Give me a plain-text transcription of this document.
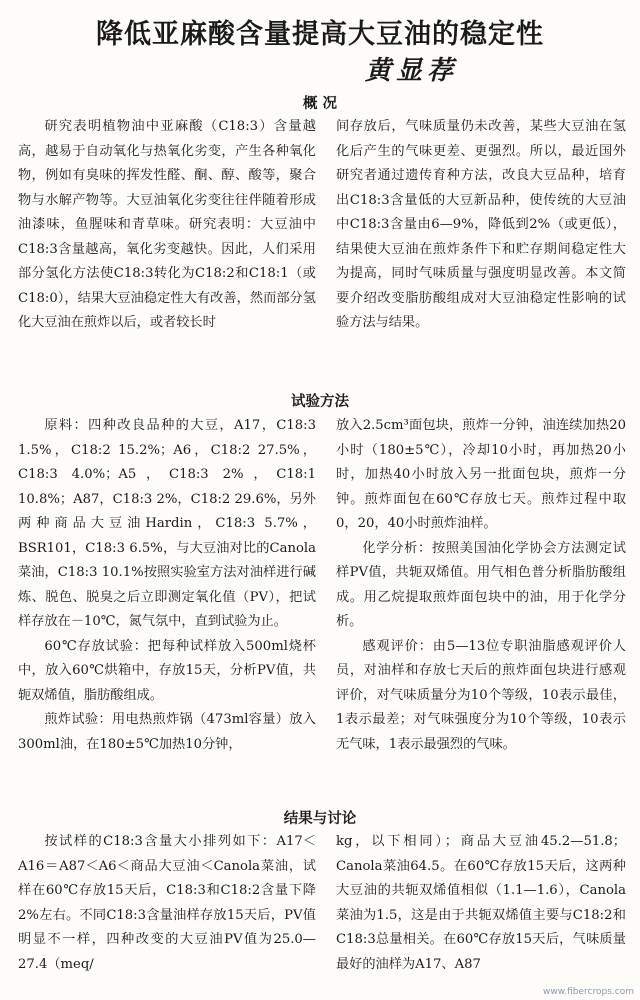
降低亚麻酸含量提高大豆油的稳定性
黄显荐
概 况

研究表明植物油中亚麻酸（C18:3）含量越高，越易于自动氧化与热氧化劣变，产生各种氧化物，例如有臭味的挥发性醛、酮、醇、酸等，聚合物与水解产物等。大豆油氧化劣变往往伴随着形成油漆味，鱼腥味和青草味。研究表明：大豆油中C18:3含量越高，氧化劣变越快。因此，人们采用部分氢化方法使C18:3转化为C18:2和C18:1（或C18:0），结果大豆油稳定性大有改善，然而部分氢化大豆油在煎炸以后，或者较长时

间存放后，气味质量仍未改善，某些大豆油在氢化后产生的气味更差、更强烈。所以，最近国外研究者通过遗传育种方法，改良大豆品种，培育出C18:3含量低的大豆新品种，使传统的大豆油中C18:3含量由6—9%，降低到2%（或更低），结果使大豆油在煎炸条件下和贮存期间稳定性大为提高，同时气味质量与强度明显改善。本文简要介绍改变脂肪酸组成对大豆油稳定性影响的试验方法与结果。

试验方法

原料：四种改良品种的大豆，A17，C18:3 1.5%，C18:2 15.2%；A6，C18:2 27.5%，C18:3 4.0%；A5，C18:3 2%，C18:1 10.8%；A87，C18:3 2%，C18:2 29.6%，另外两种商品大豆油Hardin，C18:3 5.7%，BSR101，C18:3 6.5%，与大豆油对比的Canola菜油，C18:3 10.1%按照实验室方法对油样进行碱炼、脱色、脱臭之后立即测定氧化值（PV），把试样存放在－10℃，氮气氛中，直到试验为止。

60℃存放试验：把每种试样放入500ml烧杯中，放入60℃烘箱中，存放15天，分析PV值，共轭双烯值，脂肪酸组成。

煎炸试验：用电热煎炸锅（473ml容量）放入300ml油，在180±5℃加热10分钟，

放入2.5cm³面包块，煎炸一分钟，油连续加热20小时（180±5℃），冷却10小时，再加热20小时，加热40小时放入另一批面包块，煎炸一分钟。煎炸面包在60℃存放七天。煎炸过程中取0，20，40小时煎炸油样。

化学分析：按照美国油化学协会方法测定试样PV值，共轭双烯值。用气相色普分析脂肪酸组成。用乙烷提取煎炸面包块中的油，用于化学分析。

感观评价：由5—13位专职油脂感观评价人员，对油样和存放七天后的煎炸面包块进行感观评价，对气味质量分为10个等级，10表示最佳，1表示最差；对气味强度分为10个等级，10表示无气味，1表示最强烈的气味。

结果与讨论

按试样的C18:3含量大小排列如下：A17＜A16＝A87＜A6＜商品大豆油＜Canola菜油，试样在60℃存放15天后，C18:3和C18:2含量下降2%左右。不同C18:3含量油样存放15天后，PV值明显不一样，四种改变的大豆油PV值为25.0—27.4（meq/

kg，以下相同）；商品大豆油45.2—51.8；Canola菜油64.5。在60℃存放15天后，这两种大豆油的共轭双烯值相似（1.1—1.6），Canola菜油为1.5，这是由于共轭双烯值主要与C18:2和C18:3总量相关。在60℃存放15天后，气味质量最好的油样为A17、A87

www.fibercrops.com
